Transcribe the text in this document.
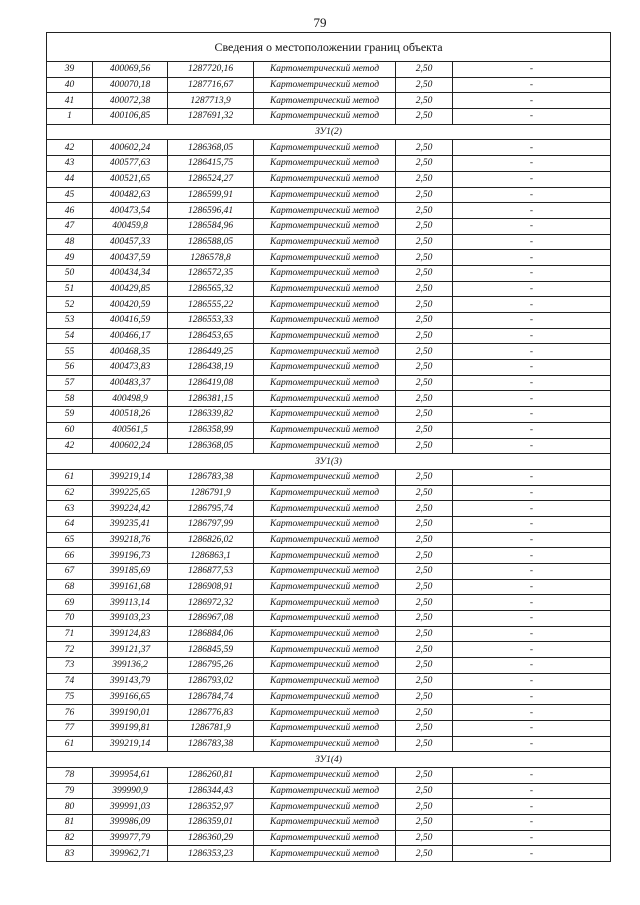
79
Сведения о местоположении границ объекта					
39	400069,56	1287720,16	Картометрический метод	2,50	-
40	400070,18	1287716,67	Картометрический метод	2,50	-
41	400072,38	1287713,9	Картометрический метод	2,50	-
1	400106,85	1287691,32	Картометрический метод	2,50	-
ЗУ1(2)					
42	400602,24	1286368,05	Картометрический метод	2,50	-
43	400577,63	1286415,75	Картометрический метод	2,50	-
44	400521,65	1286524,27	Картометрический метод	2,50	-
45	400482,63	1286599,91	Картометрический метод	2,50	-
46	400473,54	1286596,41	Картометрический метод	2,50	-
47	400459,8	1286584,96	Картометрический метод	2,50	-
48	400457,33	1286588,05	Картометрический метод	2,50	-
49	400437,59	1286578,8	Картометрический метод	2,50	-
50	400434,34	1286572,35	Картометрический метод	2,50	-
51	400429,85	1286565,32	Картометрический метод	2,50	-
52	400420,59	1286555,22	Картометрический метод	2,50	-
53	400416,59	1286553,33	Картометрический метод	2,50	-
54	400466,17	1286453,65	Картометрический метод	2,50	-
55	400468,35	1286449,25	Картометрический метод	2,50	-
56	400473,83	1286438,19	Картометрический метод	2,50	-
57	400483,37	1286419,08	Картометрический метод	2,50	-
58	400498,9	1286381,15	Картометрический метод	2,50	-
59	400518,26	1286339,82	Картометрический метод	2,50	-
60	400561,5	1286358,99	Картометрический метод	2,50	-
42	400602,24	1286368,05	Картометрический метод	2,50	-
ЗУ1(3)					
61	399219,14	1286783,38	Картометрический метод	2,50	-
62	399225,65	1286791,9	Картометрический метод	2,50	-
63	399224,42	1286795,74	Картометрический метод	2,50	-
64	399235,41	1286797,99	Картометрический метод	2,50	-
65	399218,76	1286826,02	Картометрический метод	2,50	-
66	399196,73	1286863,1	Картометрический метод	2,50	-
67	399185,69	1286877,53	Картометрический метод	2,50	-
68	399161,68	1286908,91	Картометрический метод	2,50	-
69	399113,14	1286972,32	Картометрический метод	2,50	-
70	399103,23	1286967,08	Картометрический метод	2,50	-
71	399124,83	1286884,06	Картометрический метод	2,50	-
72	399121,37	1286845,59	Картометрический метод	2,50	-
73	399136,2	1286795,26	Картометрический метод	2,50	-
74	399143,79	1286793,02	Картометрический метод	2,50	-
75	399166,65	1286784,74	Картометрический метод	2,50	-
76	399190,01	1286776,83	Картометрический метод	2,50	-
77	399199,81	1286781,9	Картометрический метод	2,50	-
61	399219,14	1286783,38	Картометрический метод	2,50	-
ЗУ1(4)					
78	399954,61	1286260,81	Картометрический метод	2,50	-
79	399990,9	1286344,43	Картометрический метод	2,50	-
80	399991,03	1286352,97	Картометрический метод	2,50	-
81	399986,09	1286359,01	Картометрический метод	2,50	-
82	399977,79	1286360,29	Картометрический метод	2,50	-
83	399962,71	1286353,23	Картометрический метод	2,50	-
